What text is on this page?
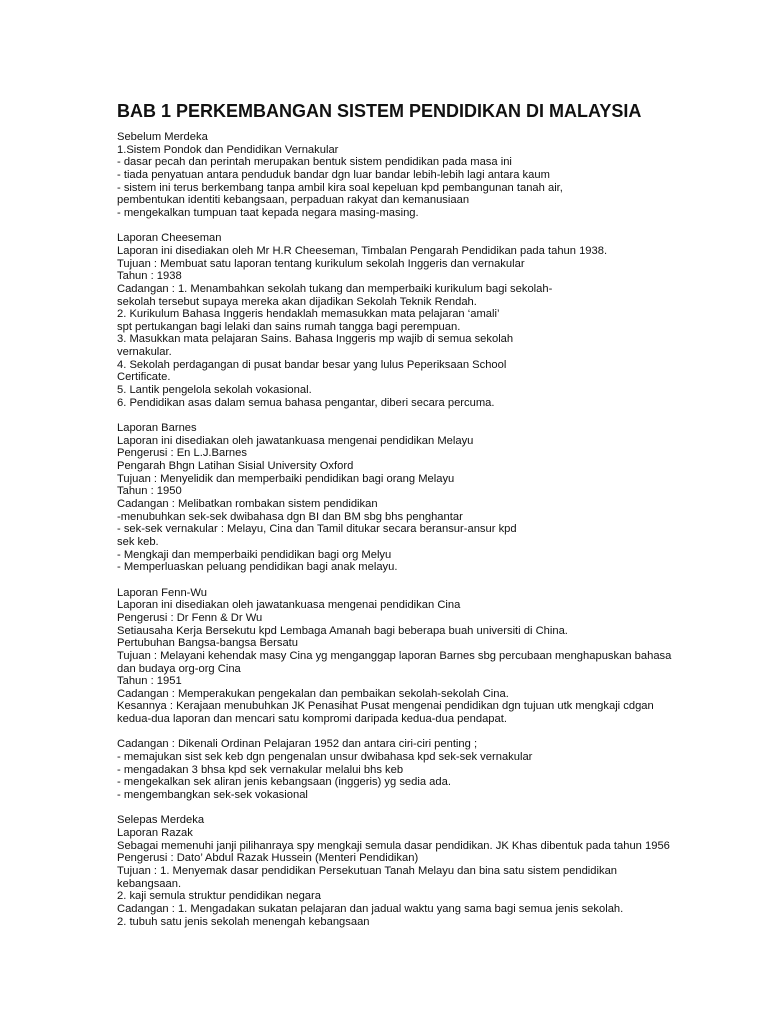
BAB 1 PERKEMBANGAN SISTEM PENDIDIKAN DI MALAYSIA
Sebelum Merdeka
1.Sistem Pondok dan Pendidikan Vernakular
- dasar pecah dan perintah merupakan bentuk sistem pendidikan pada masa ini
- tiada penyatuan antara penduduk bandar dgn luar bandar lebih-lebih lagi antara kaum
- sistem ini terus berkembang tanpa ambil kira soal kepeluan kpd pembangunan tanah air,
pembentukan identiti kebangsaan, perpaduan rakyat dan kemanusiaan
- mengekalkan tumpuan taat kepada negara masing-masing.
Laporan Cheeseman
Laporan ini disediakan oleh Mr H.R Cheeseman, Timbalan Pengarah Pendidikan pada tahun 1938.
Tujuan : Membuat satu laporan tentang kurikulum sekolah Inggeris dan vernakular
Tahun : 1938
Cadangan : 1. Menambahkan sekolah tukang dan memperbaiki kurikulum bagi sekolah-
sekolah tersebut supaya mereka akan dijadikan Sekolah Teknik Rendah.
2. Kurikulum Bahasa Inggeris hendaklah memasukkan mata pelajaran ‘amali’
spt pertukangan bagi lelaki dan sains rumah tangga bagi perempuan.
3. Masukkan mata pelajaran Sains. Bahasa Inggeris mp wajib di semua sekolah
vernakular.
4. Sekolah perdagangan di pusat bandar besar yang lulus Peperiksaan School
Certificate.
5. Lantik pengelola sekolah vokasional.
6. Pendidikan asas dalam semua bahasa pengantar, diberi secara percuma.
Laporan Barnes
Laporan ini disediakan oleh jawatankuasa mengenai pendidikan Melayu
Pengerusi : En L.J.Barnes
Pengarah Bhgn Latihan Sisial University Oxford
Tujuan : Menyelidik dan memperbaiki pendidikan bagi orang Melayu
Tahun : 1950
Cadangan : Melibatkan rombakan sistem pendidikan
-menubuhkan sek-sek dwibahasa dgn BI dan BM sbg bhs penghantar
- sek-sek vernakular : Melayu, Cina dan Tamil ditukar secara beransur-ansur kpd
sek keb.
- Mengkaji dan memperbaiki pendidikan bagi org Melyu
- Memperluaskan peluang pendidikan bagi anak melayu.
Laporan Fenn-Wu
Laporan ini disediakan oleh jawatankuasa mengenai pendidikan Cina
Pengerusi : Dr Fenn & Dr Wu
Setiausaha Kerja Bersekutu kpd Lembaga Amanah bagi beberapa buah universiti di China.
Pertubuhan Bangsa-bangsa Bersatu
Tujuan : Melayani kehendak masy Cina yg menganggap laporan Barnes sbg percubaan menghapuskan bahasa
dan budaya org-org Cina
Tahun : 1951
Cadangan : Memperakukan pengekalan dan pembaikan sekolah-sekolah Cina.
Kesannya : Kerajaan menubuhkan JK Penasihat Pusat mengenai pendidikan dgn tujuan utk mengkaji cdgan
kedua-dua laporan dan mencari satu kompromi daripada kedua-dua pendapat.
Cadangan : Dikenali Ordinan Pelajaran 1952 dan antara ciri-ciri penting ;
- memajukan sist sek keb dgn pengenalan unsur dwibahasa kpd sek-sek vernakular
- mengadakan 3 bhsa kpd sek vernakular melalui bhs keb
- mengekalkan sek aliran jenis kebangsaan (inggeris) yg sedia ada.
- mengembangkan sek-sek vokasional
Selepas Merdeka
Laporan Razak
Sebagai memenuhi janji pilihanraya spy mengkaji semula dasar pendidikan. JK Khas dibentuk pada tahun 1956
Pengerusi : Dato’ Abdul Razak Hussein (Menteri Pendidikan)
Tujuan : 1. Menyemak dasar pendidikan Persekutuan Tanah Melayu dan bina satu sistem pendidikan
kebangsaan.
2. kaji semula struktur pendidikan negara
Cadangan : 1. Mengadakan sukatan pelajaran dan jadual waktu yang sama bagi semua jenis sekolah.
2. tubuh satu jenis sekolah menengah kebangsaan
